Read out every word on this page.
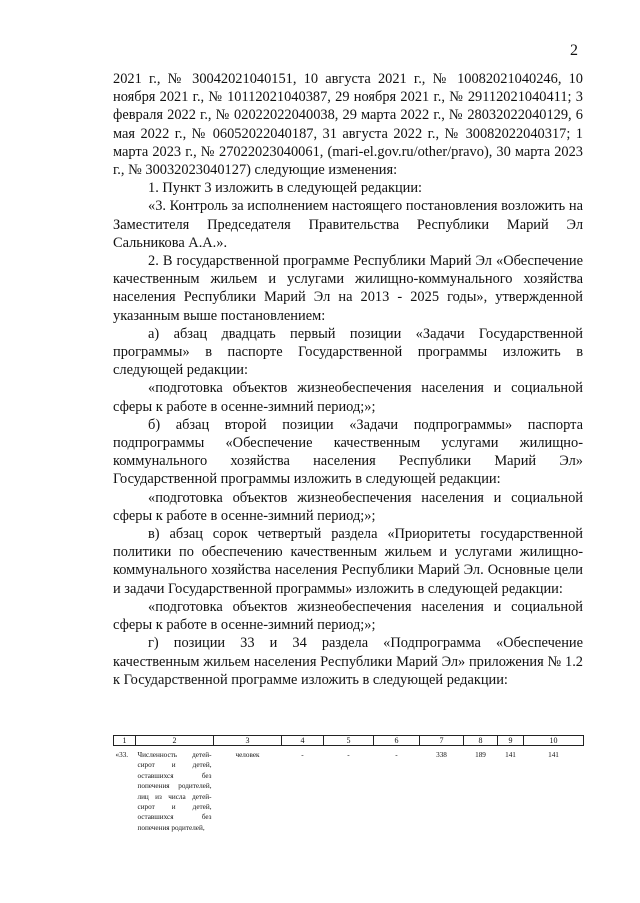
2

2021 г., № 30042021040151, 10 августа 2021 г., № 10082021040246, 10 ноября 2021 г., № 10112021040387, 29 ноября 2021 г., № 29112021040411; 3 февраля 2022 г., № 02022022040038, 29 марта 2022 г., № 28032022040129, 6 мая 2022 г., № 06052022040187, 31 августа 2022 г., № 30082022040317; 1 марта 2023 г., № 27022023040061, (mari-el.gov.ru/other/pravo), 30 марта 2023 г., № 30032023040127) следующие изменения:

1. Пункт 3 изложить в следующей редакции:

«3. Контроль за исполнением настоящего постановления возложить на Заместителя Председателя Правительства Республики Марий Эл Сальникова А.А.».

2. В государственной программе Республики Марий Эл «Обеспечение качественным жильем и услугами жилищно-коммунального хозяйства населения Республики Марий Эл на 2013 - 2025 годы», утвержденной указанным выше постановлением:

а) абзац двадцать первый позиции «Задачи Государственной программы» в паспорте Государственной программы изложить в следующей редакции:

«подготовка объектов жизнеобеспечения населения и социальной сферы к работе в осенне-зимний период;»;

б) абзац второй позиции «Задачи подпрограммы» паспорта подпрограммы «Обеспечение качественным услугами жилищно-коммунального хозяйства населения Республики Марий Эл» Государственной программы изложить в следующей редакции:

«подготовка объектов жизнеобеспечения населения и социальной сферы к работе в осенне-зимний период;»;

в) абзац сорок четвертый раздела «Приоритеты государственной политики по обеспечению качественным жильем и услугами жилищно-коммунального хозяйства населения Республики Марий Эл. Основные цели и задачи Государственной программы» изложить в следующей редакции:

«подготовка объектов жизнеобеспечения населения и социальной сферы к работе в осенне-зимний период;»;

г) позиции 33 и 34 раздела «Подпрограмма «Обеспечение качественным жильем населения Республики Марий Эл» приложения № 1.2 к Государственной программе изложить в следующей редакции:

1	2	3	4	5	6	7	8	9	10
«33.	Численность детей-сирот и детей, оставшихся без попечения родителей, лиц из числа детей-сирот и детей, оставшихся без попечения родителей,	человек	-	-	-	338	189	141	141
